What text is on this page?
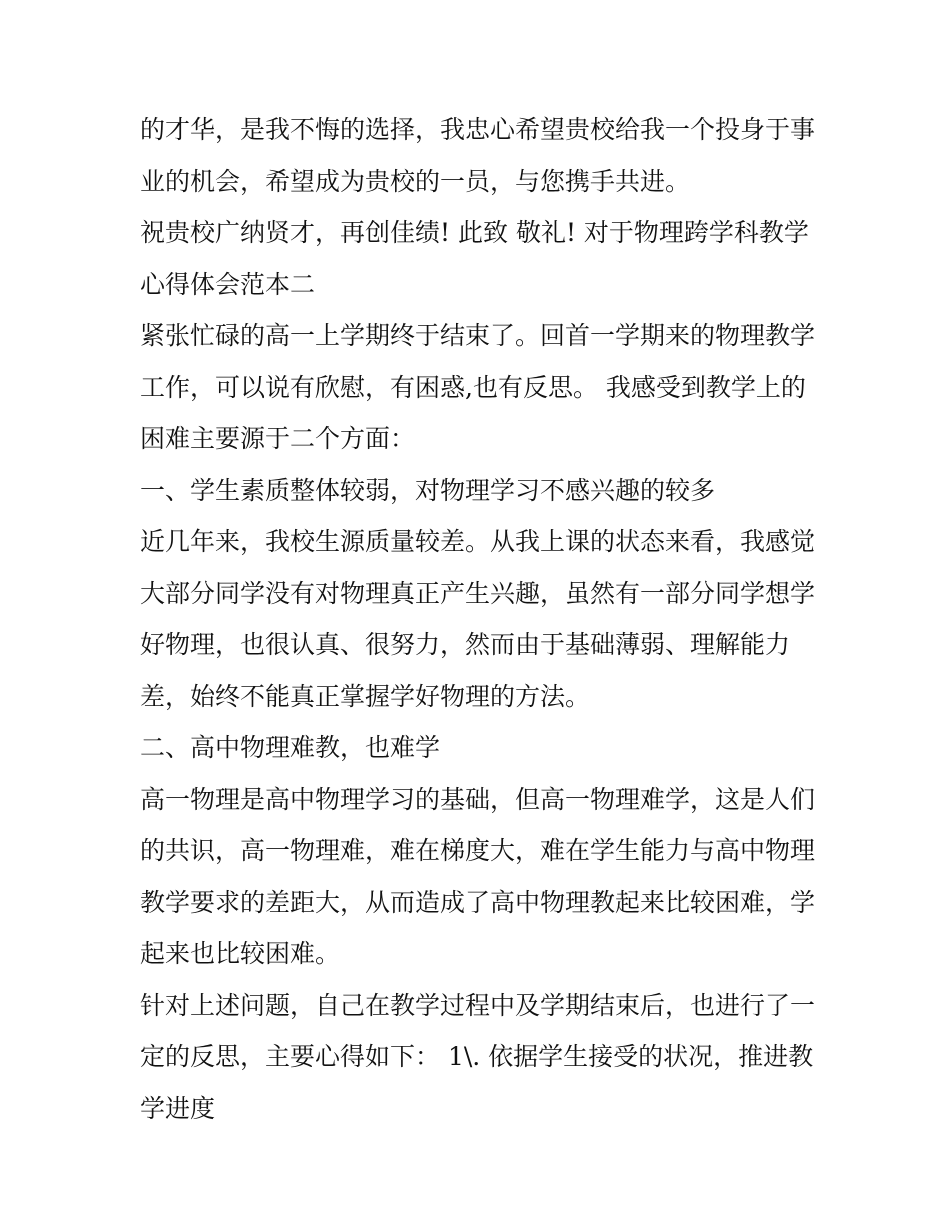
的才华，是我不悔的选择，我忠心希望贵校给我一个投身于事
业的机会，希望成为贵校的一员，与您携手共进。
祝贵校广纳贤才，再创佳绩! 此致 敬礼! 对于物理跨学科教学
心得体会范本二
紧张忙碌的高一上学期终于结束了。回首一学期来的物理教学
工作，可以说有欣慰，有困惑,也有反思。 我感受到教学上的
困难主要源于二个方面：
一、学生素质整体较弱，对物理学习不感兴趣的较多
近几年来，我校生源质量较差。从我上课的状态来看，我感觉
大部分同学没有对物理真正产生兴趣，虽然有一部分同学想学
好物理，也很认真、很努力，然而由于基础薄弱、理解能力
差，始终不能真正掌握学好物理的方法。
二、高中物理难教，也难学
高一物理是高中物理学习的基础，但高一物理难学，这是人们
的共识，高一物理难，难在梯度大，难在学生能力与高中物理
教学要求的差距大，从而造成了高中物理教起来比较困难，学
起来也比较困难。
针对上述问题，自己在教学过程中及学期结束后，也进行了一
定的反思，主要心得如下： 1\. 依据学生接受的状况，推进教
学进度
